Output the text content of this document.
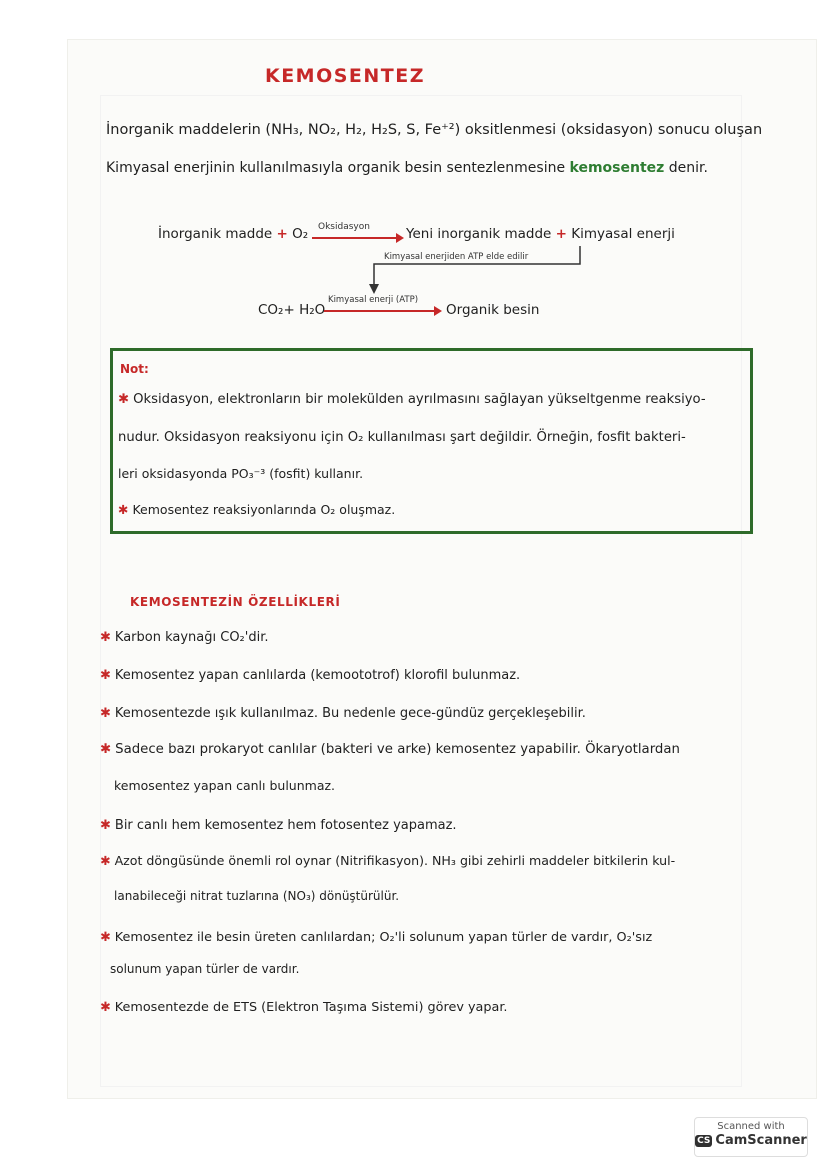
KEMOSENTEZ
İnorganik maddelerin (NH₃, NO₂, H₂, H₂S, S, Fe⁺²) oksitlenmesi (oksidasyon) sonucu oluşan
Kimyasal enerjinin kullanılmasıyla organik besin sentezlenmesine kemosentez denir.
İnorganik madde + O₂ Oksidasyon	Yeni inorganik madde + Kimyasal enerji
Kimyasal enerjiden ATP elde edilir
CO₂+ H₂O
Kimyasal enerji (ATP)
Organik besin
Not:
✱ Oksidasyon, elektronların bir molekülden ayrılmasını sağlayan yükseltgenme reaksiyo-
nudur. Oksidasyon reaksiyonu için O₂ kullanılması şart değildir. Örneğin, fosfit bakteri-
leri oksidasyonda PO₃⁻³ (fosfit) kullanır.
✱ Kemosentez reaksiyonlarında O₂ oluşmaz.
KEMOSENTEZİN ÖZELLİKLERİ
✱ Karbon kaynağı CO₂'dir.
✱ Kemosentez yapan canlılarda (kemoototrof) klorofil bulunmaz.
✱ Kemosentezde ışık kullanılmaz. Bu nedenle gece-gündüz gerçekleşebilir.
✱ Sadece bazı prokaryot canlılar (bakteri ve arke) kemosentez yapabilir. Ökaryotlardan
kemosentez yapan canlı bulunmaz.
✱ Bir canlı hem kemosentez hem fotosentez yapamaz.
✱ Azot döngüsünde önemli rol oynar (Nitrifikasyon). NH₃ gibi zehirli maddeler bitkilerin kul-
lanabileceği nitrat tuzlarına (NO₃) dönüştürülür.
✱ Kemosentez ile besin üreten canlılardan; O₂'li solunum yapan türler de vardır, O₂'sız
solunum yapan türler de vardır.
✱ Kemosentezde de ETS (Elektron Taşıma Sistemi) görev yapar.
Scanned with
CS CamScanner
